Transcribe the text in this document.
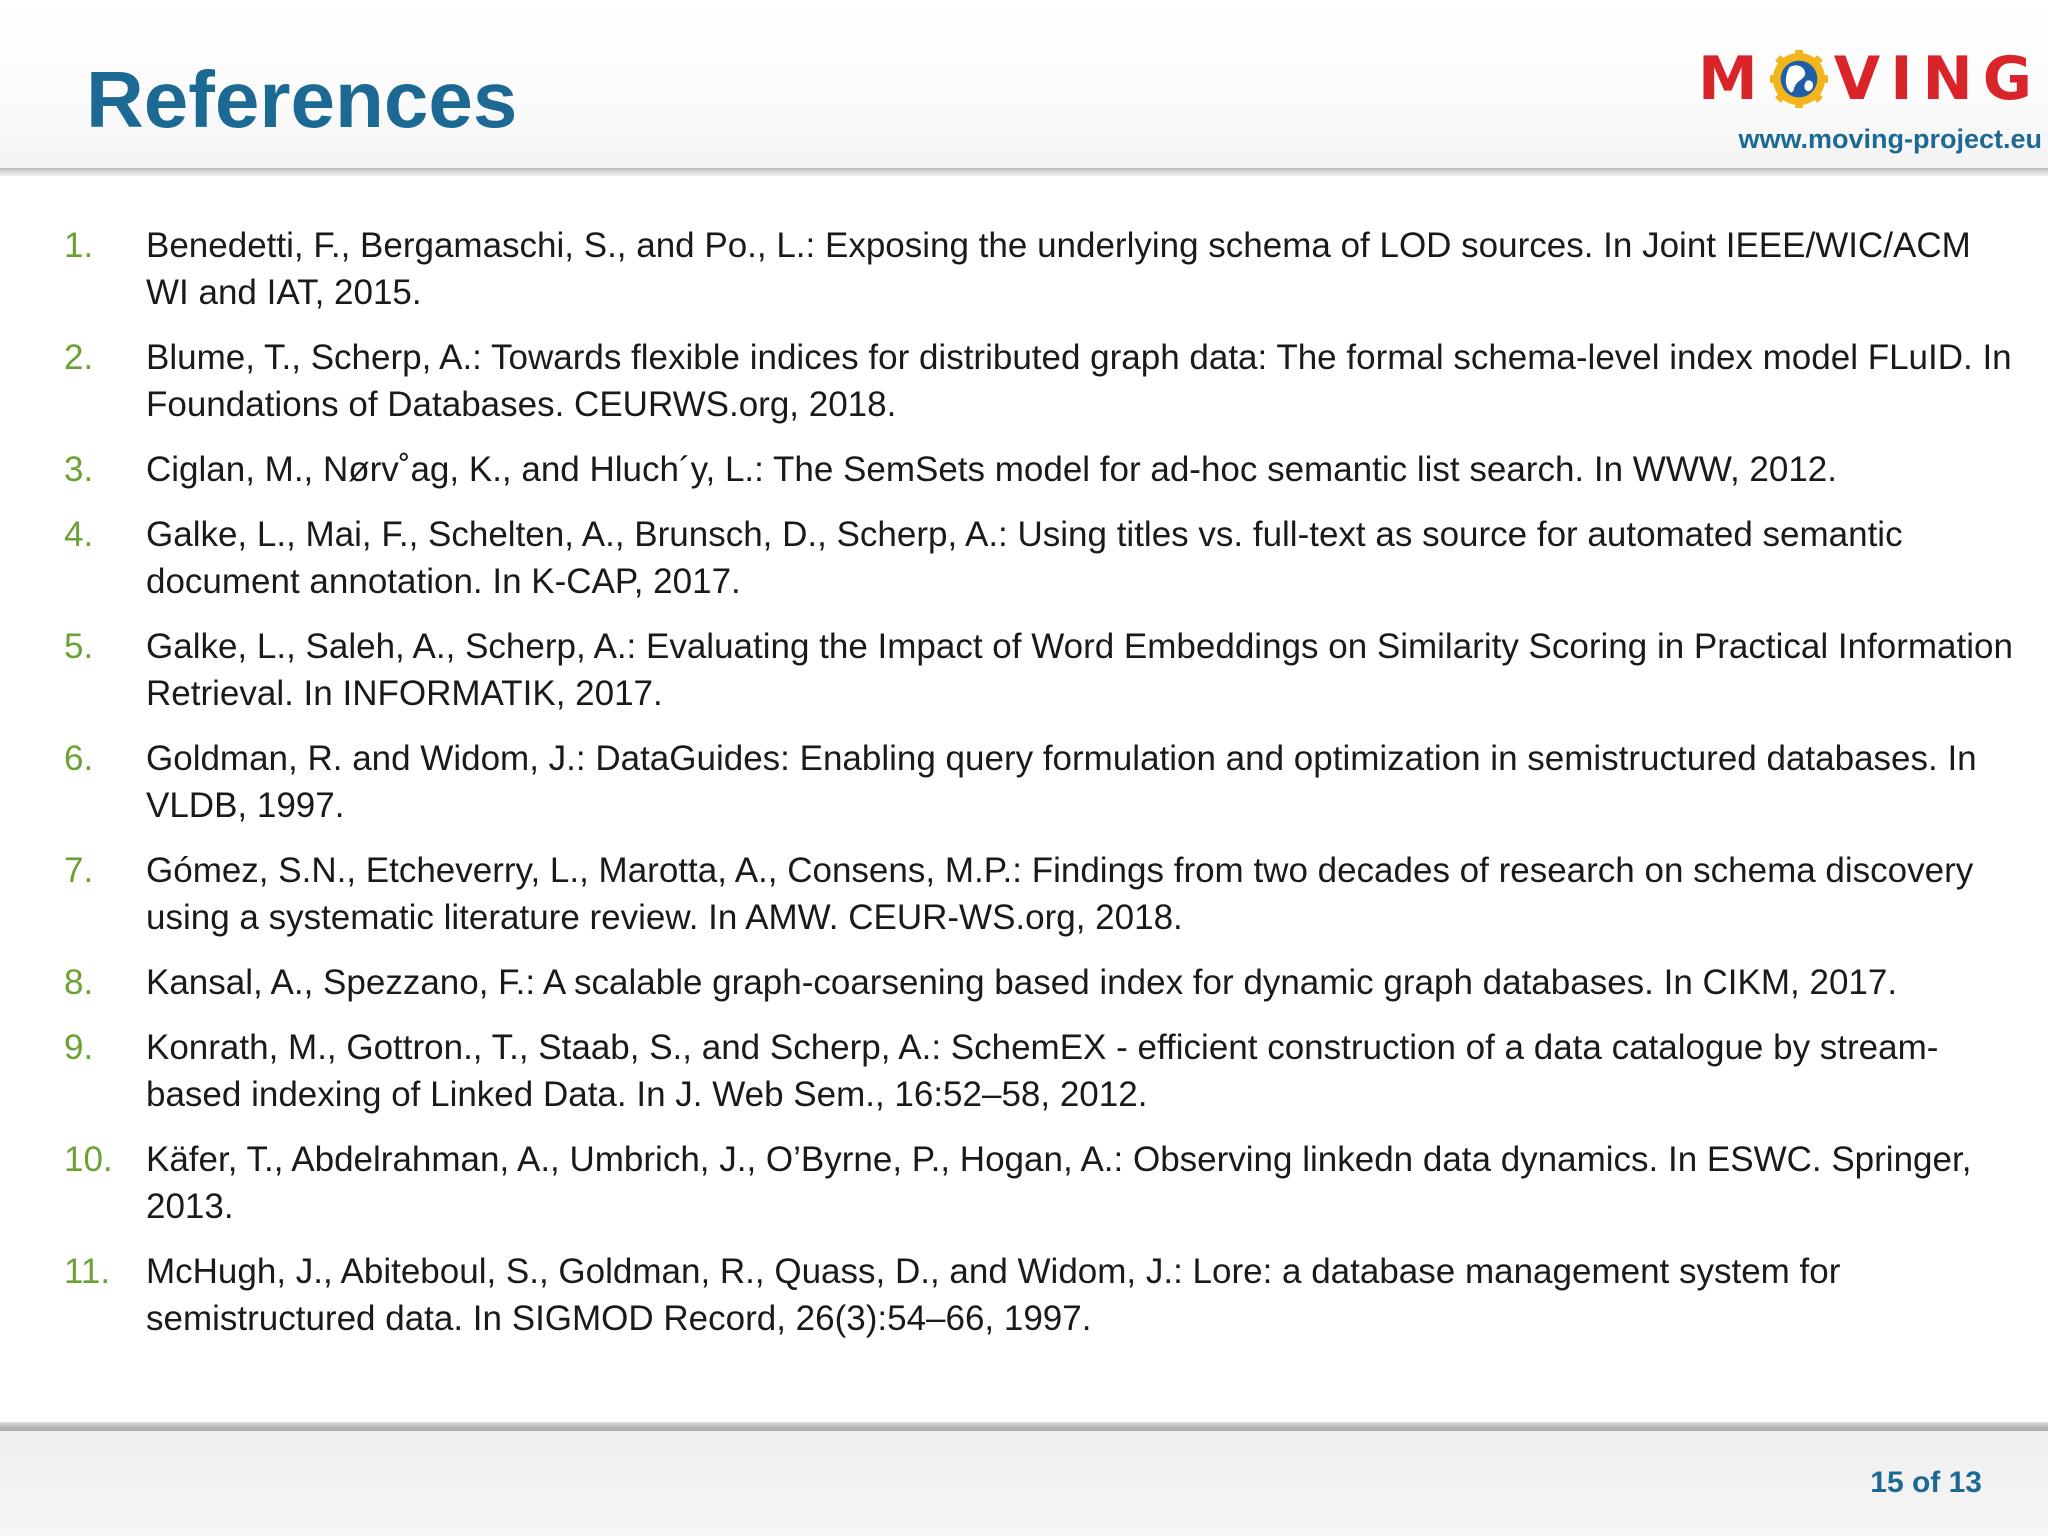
References	M VING
www.moving-project.eu
1. Benedetti, F., Bergamaschi, S., and Po., L.: Exposing the underlying schema of LOD sources. In Joint IEEE/WIC/ACM WI and IAT, 2015.
2. Blume, T., Scherp, A.: Towards flexible indices for distributed graph data: The formal schema-level index model FLuID. In Foundations of Databases. CEURWS.org, 2018.
3. Ciglan, M., Nørv˚ag, K., and Hluch´y, L.: The SemSets model for ad-hoc semantic list search. In WWW, 2012.
4. Galke, L., Mai, F., Schelten, A., Brunsch, D., Scherp, A.: Using titles vs. full-text as source for automated semantic document annotation. In K-CAP, 2017.
5. Galke, L., Saleh, A., Scherp, A.: Evaluating the Impact of Word Embeddings on Similarity Scoring in Practical Information Retrieval. In INFORMATIK, 2017.
6. Goldman, R. and Widom, J.: DataGuides: Enabling query formulation and optimization in semistructured databases. In VLDB, 1997.
7. Gómez, S.N., Etcheverry, L., Marotta, A., Consens, M.P.: Findings from two decades of research on schema discovery using a systematic literature review. In AMW. CEUR-WS.org, 2018.
8. Kansal, A., Spezzano, F.: A scalable graph-coarsening based index for dynamic graph databases. In CIKM, 2017.
9. Konrath, M., Gottron., T., Staab, S., and Scherp, A.: SchemEX - efficient construction of a data catalogue by stream-based indexing of Linked Data. In J. Web Sem., 16:52–58, 2012.
10. Käfer, T., Abdelrahman, A., Umbrich, J., O’Byrne, P., Hogan, A.: Observing linkedn data dynamics. In ESWC. Springer, 2013.
11. McHugh, J., Abiteboul, S., Goldman, R., Quass, D., and Widom, J.: Lore: a database management system for semistructured data. In SIGMOD Record, 26(3):54–66, 1997.
15 of 13
